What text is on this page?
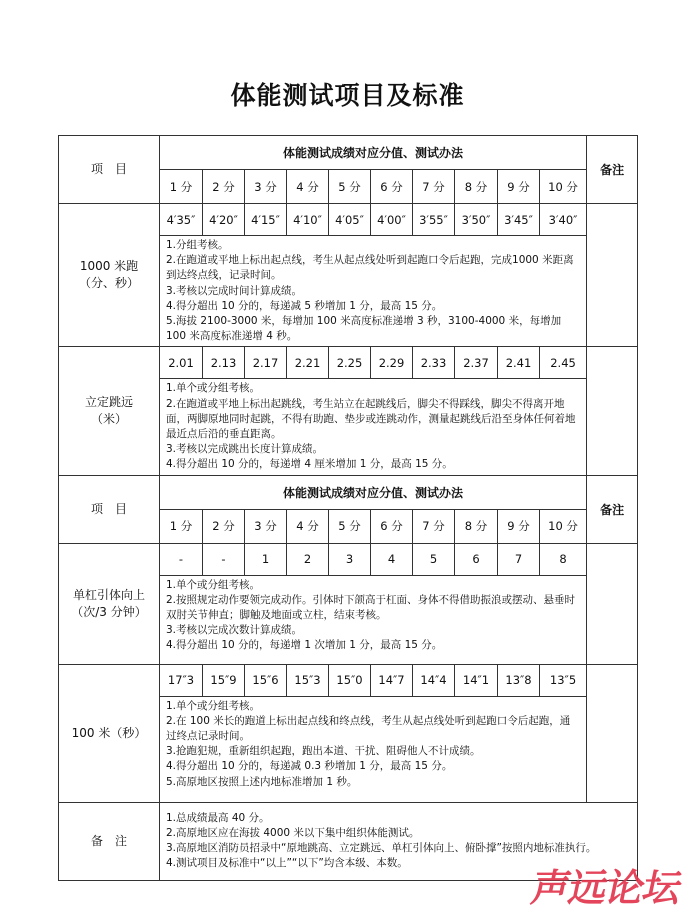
体能测试项目及标准
项　目	体能测试成绩对应分值、测试办法										备注
	1 分	2 分	3 分	4 分	5 分	6 分	7 分	8 分	9 分	10 分	
1000 米跑
（分、秒）	4′35″	4′20″	4′15″	4′10″	4′05″	4′00″	3′55″	3′50″	3′45″	3′40″	

	1.分组考核。
2.在跑道或平地上标出起点线，考生从起点线处听到起跑口令后起跑，完成1000 米距离到达终点线，记录时间。
3.考核以完成时间计算成绩。
4.得分超出 10 分的，每递减 5 秒增加 1 分，最高 15 分。
5.海拔 2100-3000 米，每增加 100 米高度标准递增 3 秒，3100-4000 米，每增加 100 米高度标准递增 4 秒。										

立定跳远
（米）	2.01	2.13	2.17	2.21	2.25	2.29	2.33	2.37	2.41	2.45	

	1.单个或分组考核。
2.在跑道或平地上标出起跳线，考生站立在起跳线后，脚尖不得踩线，脚尖不得离开地面，两脚原地同时起跳，不得有助跑、垫步或连跳动作，测量起跳线后沿至身体任何着地最近点后沿的垂直距离。
3.考核以完成跳出长度计算成绩。
4.得分超出 10 分的，每递增 4 厘米增加 1 分，最高 15 分。										

项　目	体能测试成绩对应分值、测试办法										备注
	1 分	2 分	3 分	4 分	5 分	6 分	7 分	8 分	9 分	10 分	
单杠引体向上
（次/3 分钟）	-	-	1	2	3	4	5	6	7	8	

	1.单个或分组考核。
2.按照规定动作要领完成动作。引体时下颌高于杠面、身体不得借助振浪或摆动、悬垂时双肘关节伸直；脚触及地面或立柱，结束考核。
3.考核以完成次数计算成绩。
4.得分超出 10 分的，每递增 1 次增加 1 分，最高 15 分。										

100 米（秒）	17″3	15″9	15″6	15″3	15″0	14″7	14″4	14″1	13″8	13″5	

	1.单个或分组考核。
2.在 100 米长的跑道上标出起点线和终点线，考生从起点线处听到起跑口令后起跑，通过终点记录时间。
3.抢跑犯规，重新组织起跑，跑出本道、干扰、阻碍他人不计成绩。
4.得分超出 10 分的，每递减 0.3 秒增加 1 分，最高 15 分。
5.高原地区按照上述内地标准增加 1 秒。										

备　注	1.总成绩最高 40 分。
2.高原地区应在海拔 4000 米以下集中组织体能测试。
3.高原地区消防员招录中“原地跳高、立定跳远、单杠引体向上、俯卧撑”按照内地标准执行。
4.测试项目及标准中“以上”“以下”均含本级、本数。										
声远论坛
